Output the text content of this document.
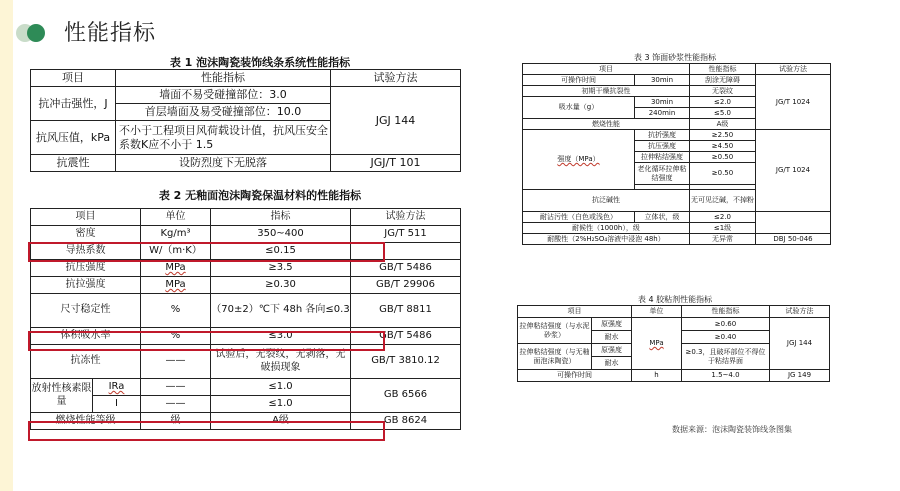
性能指标
表 1 泡沫陶瓷装饰线条系统性能指标
项目	性能指标	试验方法
抗冲击强性，J	墙面不易受碰撞部位：3.0	JGJ 144
	首层墙面及易受碰撞部位：10.0	
抗风压值，kPa	不小于工程项目风荷载设计值，抗风压安全系数K应不小于 1.5	
抗震性	设防烈度下无脱落	JGJ/T 101
表 2 无釉面泡沫陶瓷保温材料的性能指标
项目		单位	指标	试验方法
密度		Kg/m³	350~400	JG/T 511
导热系数		W/（m·K）	≤0.15	
抗压强度		MPa	≥3.5	GB/T 5486
抗拉强度		MPa	≥0.30	GB/T 29906
尺寸稳定性		%	（70±2）℃下 48h 各向≤0.3	GB/T 8811
体积吸水率		%	≤3.0	GB/T 5486
抗冻性		——	试验后，无裂纹，无剥落，无破损现象	GB/T 3810.12
放射性核素限量	IRa	——	≤1.0	GB 6566
	I	——	≤1.0	
燃烧性能等级		级	A级	GB 8624
表 3 饰面砂浆性能指标
项目		性能指标	试验方法
可操作时间	30min	刮涂无障碍	JG/T 1024
初期干燥抗裂性		无裂纹	
吸水量（g）	30min	≤2.0	
	240min	≤5.0	
燃烧性能		A级	
强度（MPa）	抗折强度	≥2.50	JG/T 1024
	抗压强度	≥4.50	
	拉伸粘结强度	≥0.50	
	老化循环拉伸粘结强度	≥0.50	

抗泛碱性		无可见泛碱，不掉粉	
耐沾污性（白色或浅色）	立体状，级	≤2.0	
耐候性（1000h），级		≤1级	
耐酸性（2%H₂SO₄溶液中浸泡 48h）		无异常	DBJ 50-046
表 4 胶粘剂性能指标
项目		单位	性能指标	试验方法
拉伸粘结强度（与水泥砂浆）	原强度	MPa	≥0.60	JGJ 144
	耐水		≥0.40	
拉伸粘结强度（与无釉面泡沫陶瓷）	原强度		≥0.3，且破坏部位不得位于粘结界面	
	耐水			
可操作时间		h	1.5~4.0	JG 149
数据来源：泡沫陶瓷装饰线条图集
